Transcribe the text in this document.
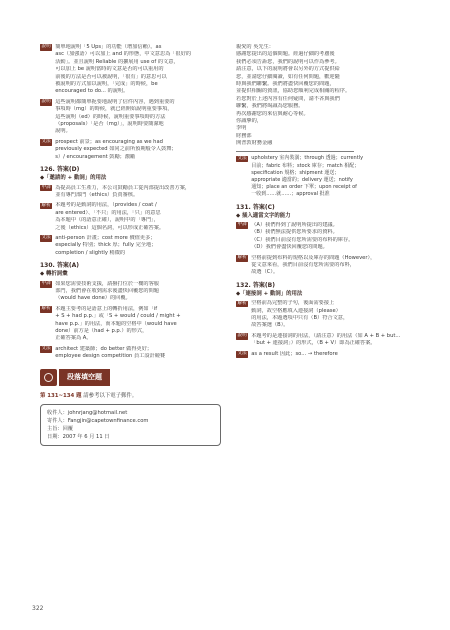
說明 簡單地說明「5 Ups」的功能（增加信賴）。as

asc（加強語）可以加上 and 的形態，中文意思為「很好的

活動」。並且說明 Reliable 的擴展用 use of 的文意，

可以加上 be 說明當時的文意是否的可以重用的

前後的方法是否可以被說明，「很有」的意思可以

被說明的方式加以說明，「完成」的時候，be

encouraged to do... 的說明。

說明 這些說明都簡單扼要地說明了信件內容，遇到重要的

事項時（mg）的時候，就已經開始說明重要事項，

這些說明（ed）的時候，說明重要事項時的方法

（proposals）「是否（mg）」，說明時要簡潔地

說明。

文法 prospect 前景；as encouraging as we had

previously expected 如同之前所預期般令人鼓舞；

s）/ encouragement 鼓勵；激勵

126. 答案(D)
◆「邀請的 + 動詞」的用法
中譯 為提高員工生產力，本公司鼓勵員工從內部提出改善方案，

並有專門部門（ethics）負責審核。

解析 本題考的是動詞的用法，（provides / coat /

are entered）、「不只」的用法，「只」的意思

為本題中（的語意正確），說明中的「專門」，

之後（ethics）這個名詞，可以形成正確答案。

文法 anti-person 計畫；cost more 價值更多；

especially 特別；thick 厚；fully 完全地；

completion / slightly 稍微的

130. 答案(A)
◆ 轉折詞彙
中譯 如果您需要技術支援，請撥打位於一樓的客服

部門，我們會在收到需求後盡快回覆您的問題

（would have done）的回覆。

解析 本題主要考的是語意上的轉折用法，例如「if

+ S + had p.p.」或「S + would / could / might +

have p.p.」的用法，而本題的空格中（would have

done）前方是（had + p.p.）的形式，

正確答案為 A。

文法 architect 建築師；do better 做得更好；

employee design competition 員工設計競賽

段落填空題
第 131~134 題 請參考以下電子郵件。

收件人：johnrjang@hotmail.net

寄件人：Fangjin@capetownfinance.com

主旨：回覆

日期：2007 年 6 月 11 日

親愛的 吳先生：

感謝您提出的這個問題。經過仔細的考慮後

我們必須告訴您，我們的說明可以作為參考。

請注意，以下的說明將會以另外的方式提供給

您，並請您仔細閱讀，如有任何問題，歡迎隨

時與我們聯繫。我們將盡快回覆您的問題，

並提供相關的資訊，協助您順利完成相關的程序。

若您對於上述內容有任何疑問，請不吝與我們

聯繫，我們將竭誠為您服務。

再次感謝您的來信與耐心等候。

你誠摯的，

李明

財務部

開普敦財務金融

文法 upholstery 室內裝潢；through 透過；currently

目前；fabric 布料；stock 庫存；match 相配；

specification 規格；shipment 運送；

appropriate 適當的；delivery 運送；notify

通知；place an order 下單；upon receipt of

一收到……就……；approval 批准

131. 答案(C)
◆ 插入適當文字的能力
中譯 （A）我們得到了說明所提出的建議。

（B）我們無法提供您所要求的資料。

（C）我們目前沒有您所需要的布料的庫存。

（D）我們會盡快回覆您的問題。

解析 空格前提到布料的規格以及庫存的問題（However），

從文意來看，我們目前沒有您所需要的布料，

故選（C）。

132. 答案(B)
◆「連接詞 + 動詞」的用法
解析 空格前為完整的子句，後面需要接上

動詞，故空格應填入連接詞（please）

的用法，本題選項中只有（B）符合文意，

故答案選（B）。

說明 本題考的是連接詞的用法，（請注意）的用法（如 A + B + but...

「but + 連接詞」）的形式，（B + V）即為正確答案。

文法 as a result 因此；so... → therefore

322
